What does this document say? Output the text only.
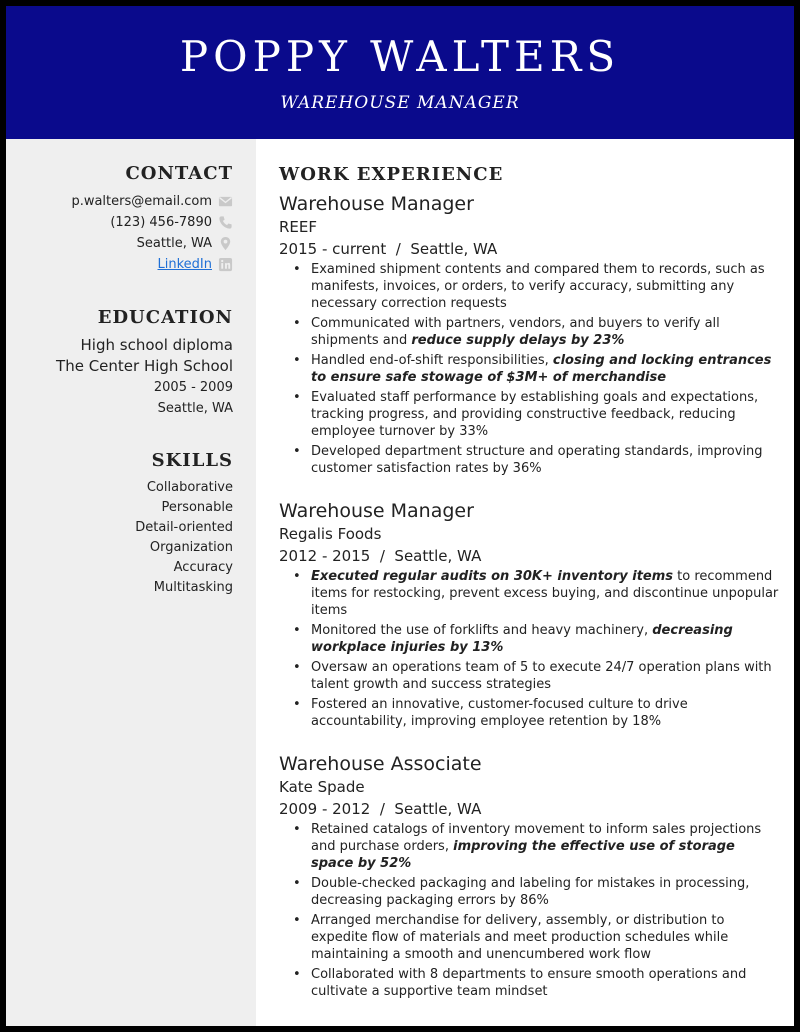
POPPY WALTERS
WAREHOUSE MANAGER
CONTACT
p.walters@email.com
(123) 456-7890
Seattle, WA
LinkedIn
EDUCATION
High school diploma
The Center High School
2005 - 2009
Seattle, WA
SKILLS
Collaborative
Personable
Detail-oriented
Organization
Accuracy
Multitasking
WORK EXPERIENCE
Warehouse Manager
REEF
2015 - current  /  Seattle, WA
• Examined shipment contents and compared them to records, such as manifests, invoices, or orders, to verify accuracy, submitting any necessary correction requests
• Communicated with partners, vendors, and buyers to verify all shipments and reduce supply delays by 23%
• Handled end-of-shift responsibilities, closing and locking entrances to ensure safe stowage of $3M+ of merchandise
• Evaluated staff performance by establishing goals and expectations, tracking progress, and providing constructive feedback, reducing employee turnover by 33%
• Developed department structure and operating standards, improving customer satisfaction rates by 36%
Warehouse Manager
Regalis Foods
2012 - 2015  /  Seattle, WA
• Executed regular audits on 30K+ inventory items to recommend items for restocking, prevent excess buying, and discontinue unpopular items
• Monitored the use of forklifts and heavy machinery, decreasing workplace injuries by 13%
• Oversaw an operations team of 5 to execute 24/7 operation plans with talent growth and success strategies
• Fostered an innovative, customer-focused culture to drive accountability, improving employee retention by 18%
Warehouse Associate
Kate Spade
2009 - 2012  /  Seattle, WA
• Retained catalogs of inventory movement to inform sales projections and purchase orders, improving the effective use of storage space by 52%
• Double-checked packaging and labeling for mistakes in processing, decreasing packaging errors by 86%
• Arranged merchandise for delivery, assembly, or distribution to expedite flow of materials and meet production schedules while maintaining a smooth and unencumbered work flow
• Collaborated with 8 departments to ensure smooth operations and cultivate a supportive team mindset
